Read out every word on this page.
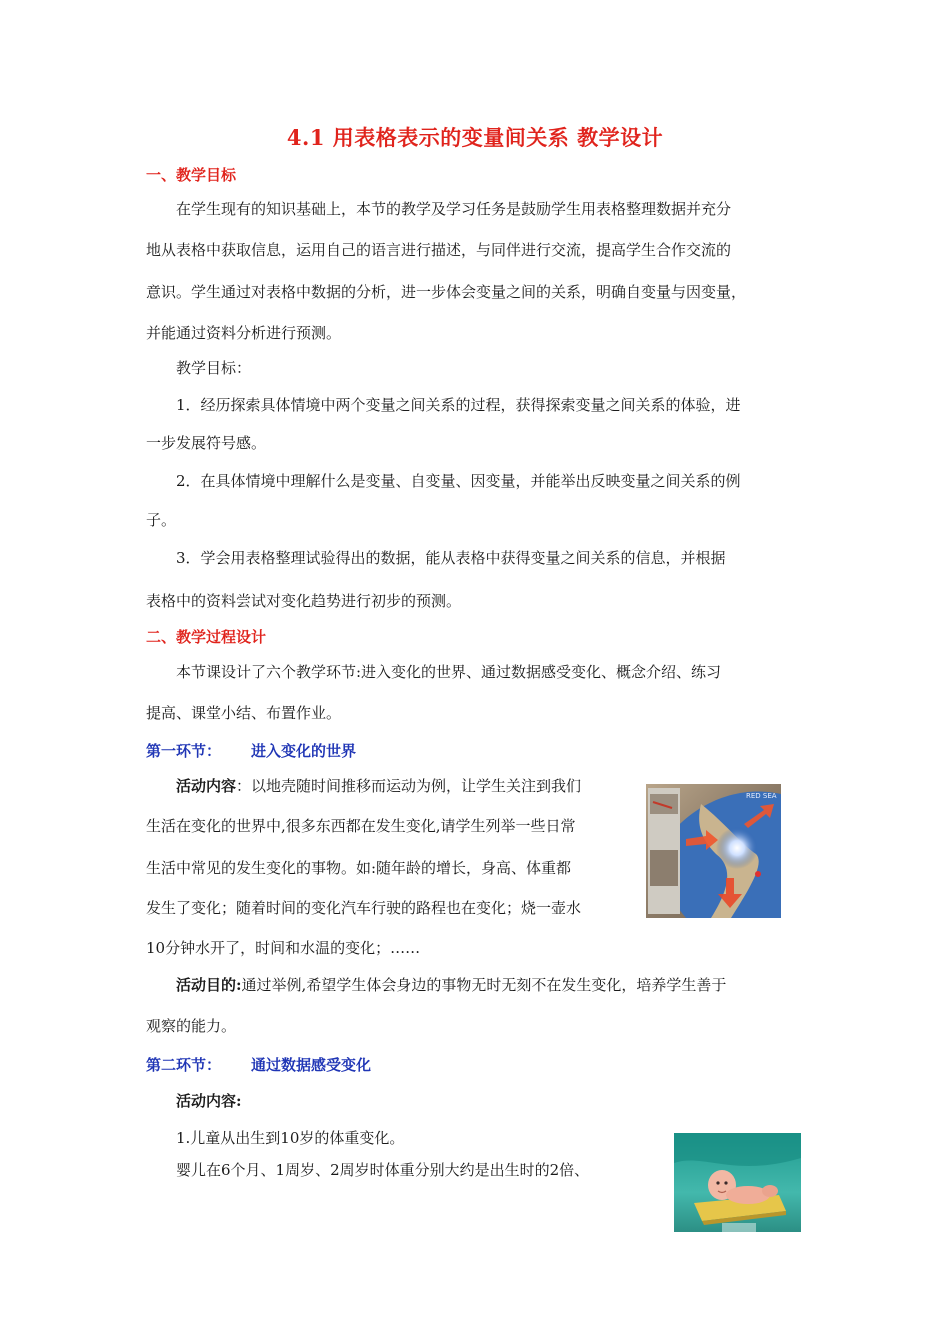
4.1 用表格表示的变量间关系 教学设计
一、教学目标
在学生现有的知识基础上，本节的教学及学习任务是鼓励学生用表格整理数据并充分
地从表格中获取信息，运用自己的语言进行描述，与同伴进行交流，提高学生合作交流的
意识。学生通过对表格中数据的分析，进一步体会变量之间的关系，明确自变量与因变量，
并能通过资料分析进行预测。
教学目标：
1．经历探索具体情境中两个变量之间关系的过程，获得探索变量之间关系的体验，进
一步发展符号感。
2．在具体情境中理解什么是变量、自变量、因变量，并能举出反映变量之间关系的例
子。
3．学会用表格整理试验得出的数据，能从表格中获得变量之间关系的信息，并根据
表格中的资料尝试对变化趋势进行初步的预测。
二、教学过程设计
本节课设计了六个教学环节:进入变化的世界、通过数据感受变化、概念介绍、练习
提高、课堂小结、布置作业。
第一环节： 进入变化的世界
活动内容：以地壳随时间推移而运动为例，让学生关注到我们
生活在变化的世界中,很多东西都在发生变化,请学生列举一些日常
生活中常见的发生变化的事物。如:随年龄的增长，身高、体重都
发生了变化；随着时间的变化汽车行驶的路程也在变化；烧一壶水
10分钟水开了，时间和水温的变化；……
活动目的:通过举例,希望学生体会身边的事物无时无刻不在发生变化，培养学生善于
观察的能力。
RED SEA
第二环节： 通过数据感受变化
活动内容:
1.儿童从出生到10岁的体重变化。
婴儿在6个月、1周岁、2周岁时体重分别大约是出生时的2倍、
